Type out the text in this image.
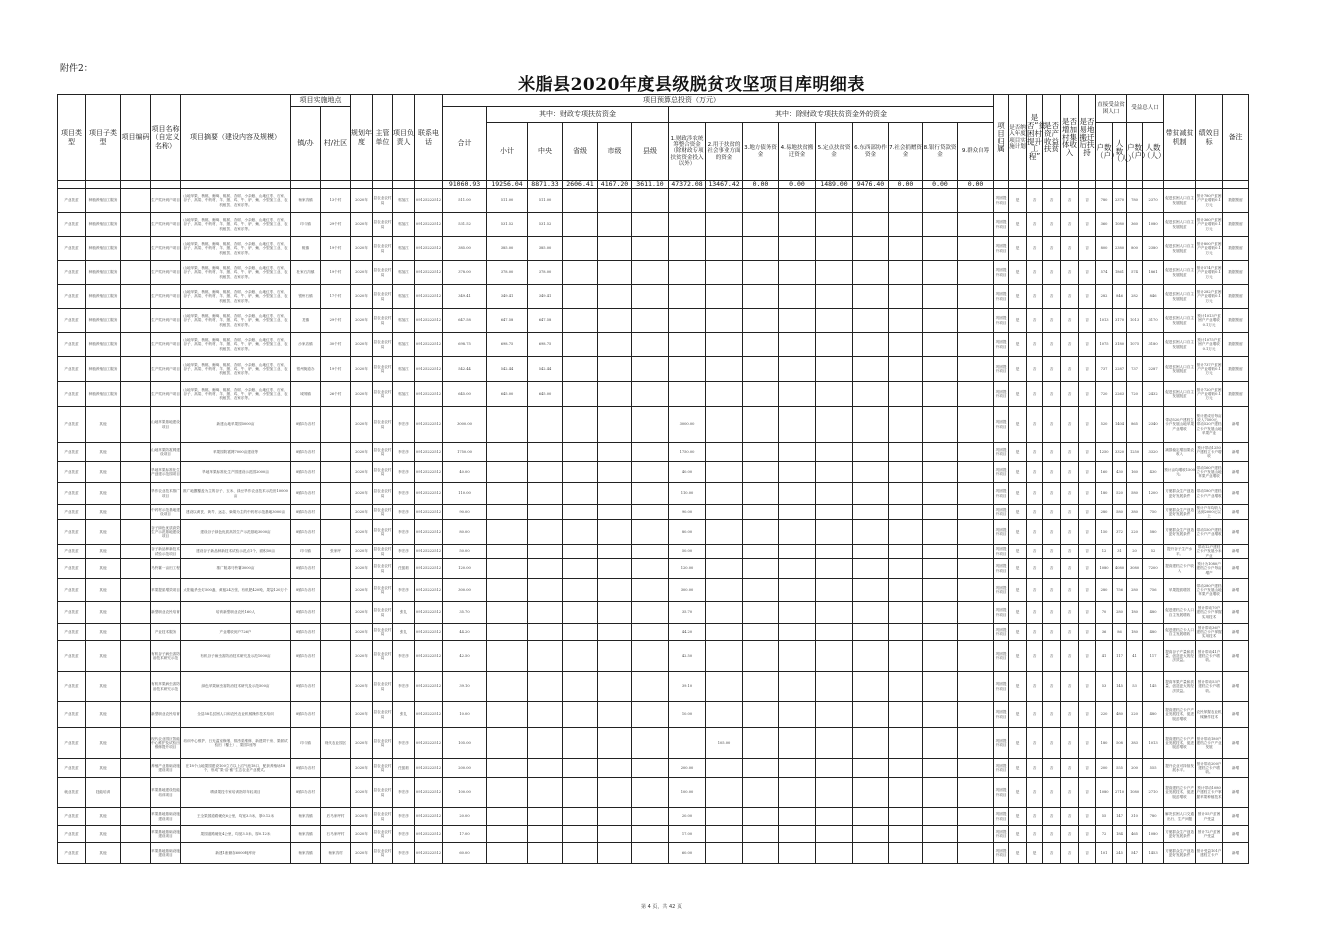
附件2：
米脂县2020年度县级脱贫攻坚项目库明细表
项目类型	项目子类型	项目编码	项目名称（自定义名称）	项目摘要（建设内容及规模）	项目实施地点		规划年度	主管单位	项目负责人	联系电话	项目预算总投资（万元）															项目归属	是否纳入年度项目实施计划	是否“贫困村提升工程”	是否资产收益扶贫	是否增加村集体收入	是否易地搬迁后扶持	直接受益贫困人口		受益总人口		带贫减贫机制	绩效目标	备注
					镇/办	村/社区					合计	其中：财政专项扶贫资金					其中：除财政专项扶贫资金外的资金																					
												小计	中央	省级	市级	县级	1.财政涉农统筹整合资金（除财政专项扶贫资金投入以外）	2.用于扶贫的社会事业方面的资金	3.地方债务资金	4.易地扶贫搬迁资金	5.定点扶贫资金	6.东西部协作资金	7.社会捐赠资金	8.银行贷款资金	9.群众自筹							户数（户）	人数（人）	户数（户）	人数（人）			
											91060.93	19256.04	8871.33	2606.41	4167.20	3611.10	47372.08	13467.42	0.00	0.00	1489.00	9476.40	0.00	0.00	0.00													
产业扶贫	种植养殖加工服务		生产奖补到户项目	山地苹果、核桃、葡萄、桃树、杏树、小杂粮、山地红枣、石家、谷子、高粱、中药材、羊、猪、鸡、牛、驴、蛹、小型加工业、农机租赁、农家乐等。	杨家沟镇	13个村	2020年	县农业农村局	郭加江	09125222512	511.00	511.00	511.00													巩固提升项目	是	否	否	否	否	780	2370	780	2370	促进贫困人口自主发展脱贫	预计780户贫困户产业增收0.1万元	数据预留
产业扶贫	种植养殖加工服务		生产奖补到户项目	山地苹果、核桃、葡萄、桃树、杏树、小杂粮、山地红枣、石家、谷子、高粱、中药材、羊、猪、鸡、牛、驴、蛹、小型加工业、农机租赁、农家乐等。	印斗镇	29个村	2020年	县农业农村局	郭加江	09125222512	531.52	531.52	531.52													巩固提升项目	是	否	否	否	否	360	1080	360	1080	促进贫困人口自主发展脱贫	预计360户贫困户产业增收0.1万元	数据预留
产业扶贫	种植养殖加工服务		生产奖补到户项目	山地苹果、核桃、葡萄、桃树、杏树、小杂粮、山地红枣、石家、谷子、高粱、中药材、羊、猪、鸡、牛、驴、蛹、小型加工业、农机租赁、农家乐等。	桃镇	19个村	2020年	县农业农村局	郭加江	09125222512	385.00	385.00	385.00													巩固提升项目	是	否	否	否	否	800	2380	800	2380	促进贫困人口自主发展脱贫	预计800户贫困户产业增收0.1万元	数据预留
产业扶贫	种植养殖加工服务		生产奖补到户项目	山地苹果、核桃、葡萄、桃树、杏树、小杂粮、山地红枣、石家、谷子、高粱、中药材、羊、猪、鸡、牛、驴、蛹、小型加工业、农机租赁、农家乐等。	杜家石沟镇	19个村	2020年	县农业农村局	郭加江	09125222512	378.00	378.00	378.00													巩固提升项目	是	否	否	否	否	574	1861	574	1861	促进贫困人口自主发展脱贫	预计574户贫困户产业增收0.1万元	数据预留
产业扶贫	种植养殖加工服务		生产奖补到户项目	山地苹果、核桃、葡萄、桃树、杏树、小杂粮、山地红枣、石家、谷子、高粱、中药材、羊、猪、鸡、牛、驴、蛹、小型加工业、农机租赁、农家乐等。	银州石镇	17个村	2020年	县农业农村局	郭加江	09125222512	349.41	349.41	349.41													巩固提升项目	是	否	否	否	否	282	846	282	846	促进贫困人口自主发展脱贫	预计282户贫困户产业增收0.1万元	数据预留
产业扶贫	种植养殖加工服务		生产奖补到户项目	山地苹果、核桃、葡萄、桃树、杏树、小杂粮、山地红枣、石家、谷子、高粱、中药材、羊、猪、鸡、牛、驴、蛹、小型加工业、农机租赁、农家乐等。	龙镇	29个村	2020年	县农业农村局	郭加江	09125222512	647.58	647.58	647.58													巩固提升项目	是	否	否	否	否	1013	3170	1013	3170	促进贫困人口自主发展脱贫	预计1013户贫困户产业增收0.1万元	数据预留
产业扶贫	种植养殖加工服务		生产奖补到户项目	山地苹果、核桃、葡萄、桃树、杏树、小杂粮、山地红枣、石家、谷子、高粱、中药材、羊、猪、鸡、牛、驴、蛹、小型加工业、农机租赁、农家乐等。	沙家店镇	30个村	2020年	县农业农村局	郭加江	09125222512	698.75	698.75	698.75													巩固提升项目	是	否	否	否	否	1075	3180	1075	3180	促进贫困人口自主发展脱贫	预计1075户贫困户产业增收0.1万元	数据预留
产业扶贫	种植养殖加工服务		生产奖补到户项目	山地苹果、核桃、葡萄、桃树、杏树、小杂粮、山地红枣、石家、谷子、高粱、中药材、羊、猪、鸡、牛、驴、蛹、小型加工业、农机租赁、农家乐等。	银州街道办	19个村	2020年	县农业农村局	郭加江	09125222512	542.44	542.44	542.44													巩固提升项目	是	否	否	否	否	737	2287	737	2287	促进贫困人口自主发展脱贫	预计737户贫困户产业增收0.1万元	数据预留
产业扶贫	种植养殖加工服务		生产奖补到户项目	山地苹果、核桃、葡萄、桃树、杏树、小杂粮、山地红枣、石家、谷子、高粱、中药材、羊、猪、鸡、牛、驴、蛹、小型加工业、农机租赁、农家乐等。	城郊镇	26个村	2020年	县农业农村局	郭加江	09125222512	645.00	645.00	645.00													巩固提升项目	是	否	否	否	否	720	2263	720	2432	促进贫困人口自主发展脱贫	预计720户贫困户产业增收0.1万元	数据预留
产业扶贫	其他		山地苹果基地建设项目	新建山地苹果园5000亩	8镇1办各村		2020年	县农业农村局	李宏彦	09125222512	3000.00						3000.00									巩固提升项目	是	否	否	否	否	520	1404	865	2340	带动520户建档立卡户发展山地苹果产业增收	预计建成后每亩收入7500元，带动520户建档立卡户发展山地苹果产业	新增
产业扶贫	其他		山地苹果防雹网建设项目	苹果园防雹网7000亩建设等	8镇1办各村		2020年	县农业农村局	李宏彦	09125222512	1750.00						1750.00									巩固提升项目	是	否	否	否	否	1250	3320	1250	3320	减损稳定增加果农收入	预计带动1250户建档立卡户增收	新增
产业扶贫	其他		旱地苹果标准化生产创建示范园项目	旱地苹果标准化生产园建设示范园2000亩	8镇1办各村		2020年	县农业农村局	李宏彦	09125222512	40.00						40.00									巩固提升项目	是	否	否	否	否	160	430	160	430	预计亩均增收1500元。	带动160户建档立卡户发展山地苹果产业增收	新增
产业扶贫	其他		旱作农业技术推广项目	推广地膜覆盖为主的谷子、玉米、绿豆旱作农业技术示范田10000亩	8镇1办各村		2020年	县农业农村局	李宏彦	09125222512	110.00						110.00									巩固提升项目	是	否	否	否	否	180	520	580	1200	方便群众生产创造更好发展条件	带动180户建档立卡户产业增收	新增
产业扶贫	其他		中药材示范基地建设项目	建设以黄芪、黄芩、远志、柴胡为主的中药材示范基地3000亩	8镇1办各村		2020年	县农业农村局	李宏彦	09125222512	90.00						90.00									巩固提升项目	是	否	否	否	否	280	580	380	750	方便群众生产创造更好发展条件	预计户年均收入达到2000元以上	新增
产业扶贫	其他		谷子绿色优质高效生产示范基地建设项目	建设谷子绿色优质高效生产示范基地3000亩	8镇1办各村		2020年	县农业农村局	李宏彦	09125222512	80.00						80.00									巩固提升项目	是	否	否	否	否	150	372	220	580	方便群众生产创造更好发展条件	带动150户建档立卡户产业增收	新增
产业扶贫	其他		谷子新品种新技术试验示范项目	建设谷子新品种新技术试验示范点1个，面积50亩	印斗镇	张家坪	2020年	县农业农村局	李宏彦	09125222512	50.00						50.00									巩固提升项目	是	否	否	否	否	12	31	20	52	提升谷子生产水平。	带动12户建档立卡户发展小米产业	新增
产业扶贫	其他		马铃薯一亩田工程	推广脱毒马铃薯3000亩	8镇1办各村		2020年	县农业农村局	任振莉	09125222512	120.00						120.00									巩固提升项目	是	否	否	否	否	1080	4080	3080	7200	提高建档立卡户收入	预计为1080户建档立卡户每亩增产	新增
产业扶贫	其他		苹果提质增效项目	太阳能杀虫灯500盏，黄板24万张，有机肥420吨，果袋120万个	8镇1办各村		2020年	县农业农村局	李宏彦	09125222512	300.00						300.00									巩固提升项目	是	否	否	否	否	280	756	280	756	苹果提质增效	带动280户建档立卡户发展山地苹果产业增收	新增
产业扶贫	其他		新型职业农民培育	培育新型职业农民160人	8镇1办各村		2020年	县农业农村局	张礼	09125222512	35.70						35.70									巩固提升项目	是	否	否	否	否	70	280	180	480	促进建档立卡人口自主发展增收	预计带动70户建档立卡户掌握实用技术	新增
产业扶贫	其他		产业技术服务	产业增收到户726户	8镇1办各村		2020年	县农业农村局	张礼	09125222512	44.20						44.20									巩固提升项目	是	否	否	否	否	36	86	180	480	促进建档立卡人口自主发展增收	预计带动36户建档立卡户掌握实用技术	新增
产业扶贫	其他		有机谷子病虫害防治技术研究示范	有机谷子病虫害防治技术研究及示范1000亩	8镇1办各村		2020年	县农业农村局	李宏彦	09125222512	42.50						42.50									巩固提升项目	是	否	否	否	否	41	117	41	117	提高谷子产量和质量，创造更大的经济效益。	预计带动41户建档立卡户增收。	新增
产业扶贫	其他		有机苹果病虫害防治技术研究示范	绿色苹果病虫害防治技术研究及示范500亩	8镇1办各村		2020年	县农业农村局	李宏彦	09125222512	39.10						39.10									巩固提升项目	是	否	否	否	否	53	145	53	145	提高苹果产量和质量，创造更大的经济效益。	预计带动53户建档立卡户增收。	新增
产业扶贫	其他		新型职业农民培育	全县58名贫困人口和农民农业机械操作技术培训	8镇1办各村		2020年	县农业农村局	张礼	09125222512	10.00						10.00									巩固提升项目	是	否	否	否	否	220	480	220	480	提高建档立卡户产业发展技术，促进脱贫增收	农民掌握农业机械操作技术	新增
产业扶贫	其他		现代农业园区智能中心维护及试验田维修提升项目	培训中心维护、日光温室修缮、排涝渠维修、新建烘干房、果树试验田（覆土）、果园1座等	印斗镇	现代农业园区	2020年	县农业农村局	李宏彦	09125222512	105.00							105.00								巩固提升项目	是	否	否	否	否	180	508	383	1013	提高建档立卡户产业发展技术，促进脱贫增收	预计带动180户建档立卡户产业发展	新增
产业扶贫	其他		养殖产业基础设施建设项目	在18个山地果园建设100立方以上沼气池18口，配套养殖场18个，形成“果-沼-畜”生态农业产业模式。	8镇1办各村		2020年	县农业农村局	任振莉	09125222512	200.00						200.00									巩固提升项目	是	否	否	否	否	200	555	200	555	提升农业可持续发展水平。	预计带动200户建档立卡户增收。	新增
就业扶贫	技能培训		苹果基地建设技能培训项目	聘请果技专家培训指导年轻项目	8镇1办各村		2020年	县农业农村局	李宏彦	09125222512	100.00						100.00									巩固提升项目	是	否	否	否	否	1080	2710	1080	2710	提高建档立卡户产业发展技术，促进脱贫增收	预计带动1080户建档立卡户掌握苹果种植技术	新增
产业扶贫	其他		苹果基地基础设施建设项目	王全果园道路硬化6公里，均宽3.5米，厚0.12米	杨家沟镇	后马家坪村	2020年	县农业农村局	李宏彦	09125222512	20.00						20.00									巩固提升项目	是	否	否	否	否	55	147	310	780	解决贫困人口交通出行、生产问题	预计55户贫困户受益	新增
产业扶贫	其他		苹果基地基础设施建设项目	果园道路硬化4公里，均宽3.5米，厚0.12米	杨家沟镇	石马家坪村	2020年	县农业农村局	李宏彦	09125222512	17.00						17.00									巩固提升项目	是	否	否	否	否	72	184	465	1080	方便群众生产创造更好发展条件	预计72户贫困户受益	新增
产业扶贫	其他		苹果基地基础设施建设项目	新建1座储存6000吨库房	杨家沟镇	杨家沟村	2020年	县农业农村局	李宏彦	09125222512	60.00						60.00									巩固提升项目	是	是	否	否	否	101	245	547	1453	方便群众生产创造更好发展条件	预计受益101户建档立卡户	新增
第 4 页，共 42 页
